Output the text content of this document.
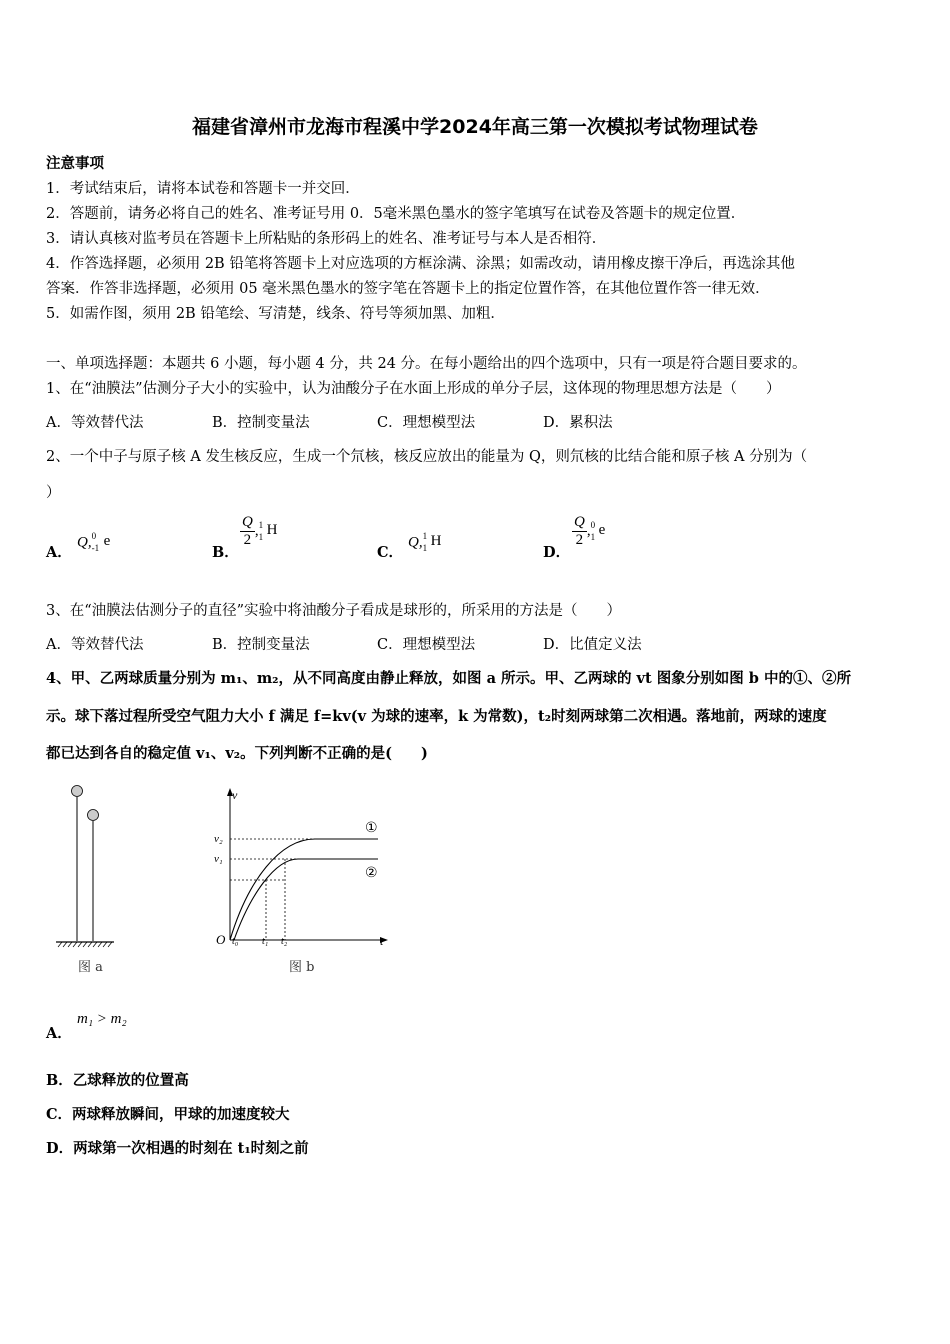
福建省漳州市龙海市程溪中学2024年高三第一次模拟考试物理试卷
注意事项
1．考试结束后，请将本试卷和答题卡一并交回．
2．答题前，请务必将自己的姓名、准考证号用 0．5毫米黑色墨水的签字笔填写在试卷及答题卡的规定位置．
3．请认真核对监考员在答题卡上所粘贴的条形码上的姓名、准考证号与本人是否相符．
4．作答选择题，必须用 2B 铅笔将答题卡上对应选项的方框涂满、涂黑；如需改动，请用橡皮擦干净后，再选涂其他
答案．作答非选择题，必须用 05 毫米黑色墨水的签字笔在答题卡上的指定位置作答，在其他位置作答一律无效．
5．如需作图，须用 2B 铅笔绘、写清楚，线条、符号等须加黑、加粗．
一、单项选择题：本题共 6 小题，每小题 4 分，共 24 分。在每小题给出的四个选项中，只有一项是符合题目要求的。
1、在“油膜法”估测分子大小的实验中，认为油酸分子在水面上形成的单分子层，这体现的物理思想方法是（　　）
A．等效替代法	B．控制变量法	C．理想模型法	D．累积法
2、一个中子与原子核 A 发生核反应，生成一个氘核，核反应放出的能量为 Q，则氘核的比结合能和原子核 A 分别为（
）
A．
Q, 0
-1 e
B．
$\frac{Q}{2}$ , 1
1 H
C．
Q, 1
1 H
D．
$\frac{Q}{2}$ , 0
1 e
3、在“油膜法估测分子的直径”实验中将油酸分子看成是球形的，所采用的方法是（　　）
A．等效替代法	B．控制变量法	C．理想模型法	D．比值定义法
4、甲、乙两球质量分别为 m₁、m₂，从不同高度由静止释放，如图 a 所示。甲、乙两球的 vt 图象分别如图 b 中的①、②所
示。球下落过程所受空气阻力大小 f 满足 f=kv(v 为球的速率，k 为常数)，t₂时刻两球第二次相遇。落地前，两球的速度
都已达到各自的稳定值 v₁、v₂。下列判断不正确的是(　　)
图 a
v
t
O
v₂
v₁
t₀ t₁ t₂
①
②
图 b
A．
m₁ > m₂
B．乙球释放的位置高
C．两球释放瞬间，甲球的加速度较大
D．两球第一次相遇的时刻在 t₁时刻之前
